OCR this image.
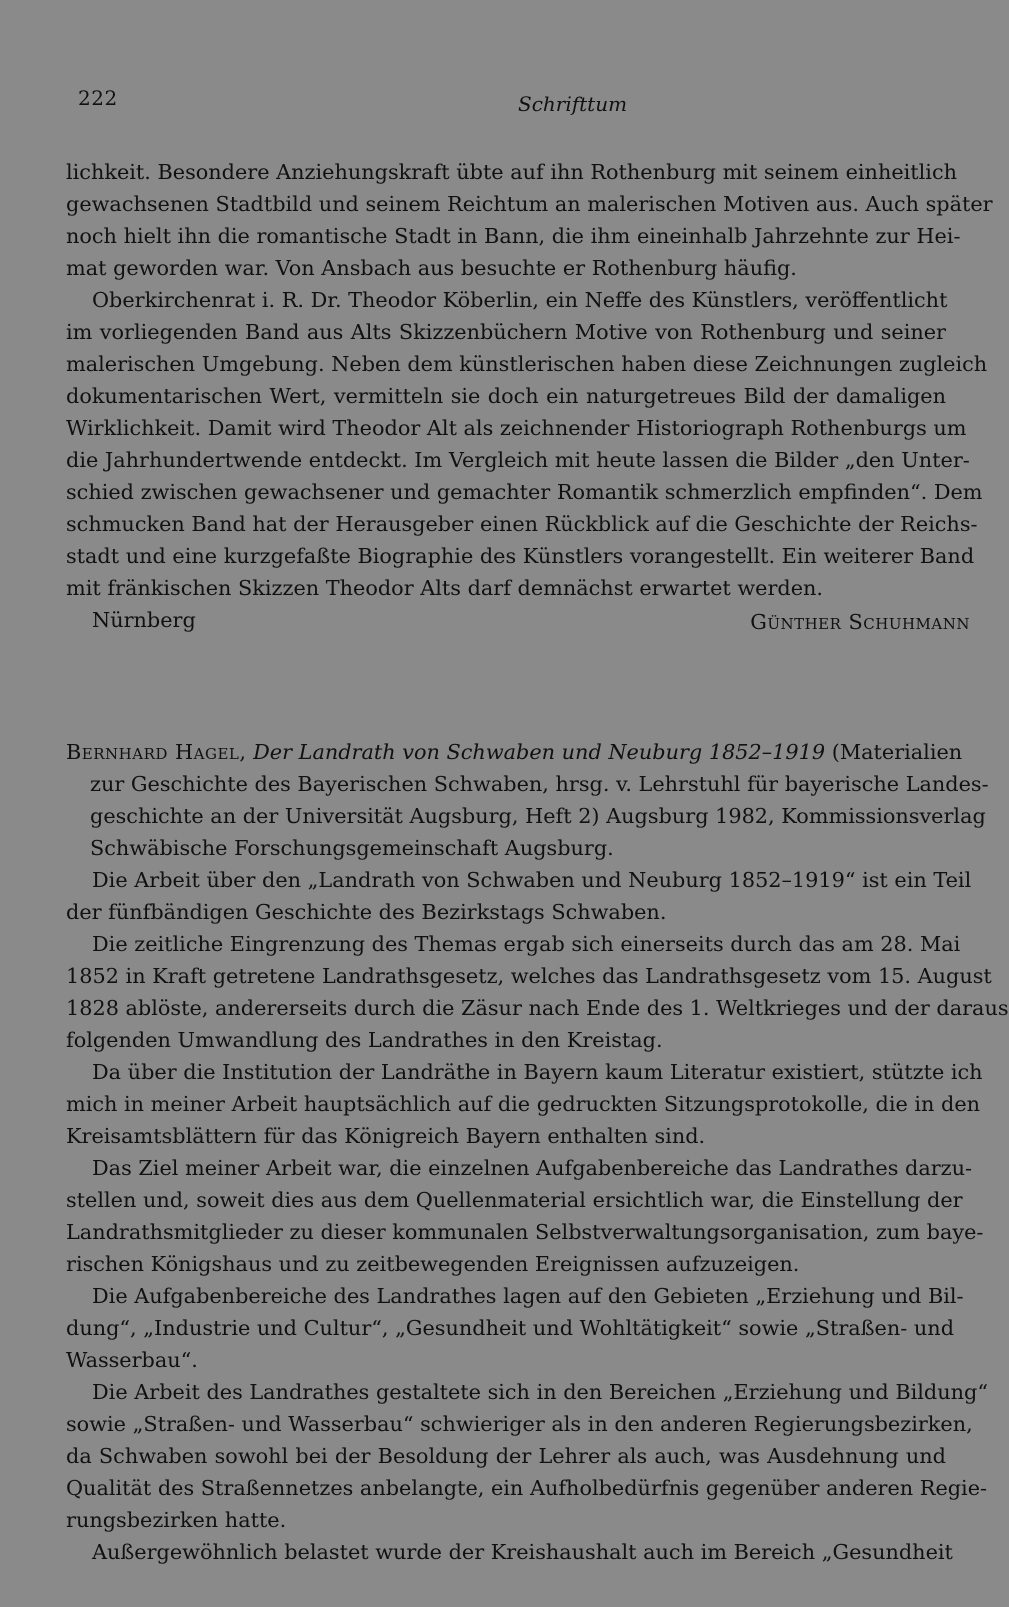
222	Schrifttum
lichkeit. Besondere Anziehungskraft übte auf ihn Rothenburg mit seinem einheitlich
gewachsenen Stadtbild und seinem Reichtum an malerischen Motiven aus. Auch später
noch hielt ihn die romantische Stadt in Bann, die ihm eineinhalb Jahrzehnte zur Hei-
mat geworden war. Von Ansbach aus besuchte er Rothenburg häufig.
Oberkirchenrat i. R. Dr. Theodor Köberlin, ein Neffe des Künstlers, veröffentlicht
im vorliegenden Band aus Alts Skizzenbüchern Motive von Rothenburg und seiner
malerischen Umgebung. Neben dem künstlerischen haben diese Zeichnungen zugleich
dokumentarischen Wert, vermitteln sie doch ein naturgetreues Bild der damaligen
Wirklichkeit. Damit wird Theodor Alt als zeichnender Historiograph Rothenburgs um
die Jahrhundertwende entdeckt. Im Vergleich mit heute lassen die Bilder „den Unter-
schied zwischen gewachsener und gemachter Romantik schmerzlich empfinden“. Dem
schmucken Band hat der Herausgeber einen Rückblick auf die Geschichte der Reichs-
stadt und eine kurzgefaßte Biographie des Künstlers vorangestellt. Ein weiterer Band
mit fränkischen Skizzen Theodor Alts darf demnächst erwartet werden.
Nürnberg	Günther Schuhmann
Bernhard Hagel, Der Landrath von Schwaben und Neuburg 1852–1919 (Materialien
zur Geschichte des Bayerischen Schwaben, hrsg. v. Lehrstuhl für bayerische Landes-
geschichte an der Universität Augsburg, Heft 2) Augsburg 1982, Kommissionsverlag
Schwäbische Forschungsgemeinschaft Augsburg.
Die Arbeit über den „Landrath von Schwaben und Neuburg 1852–1919“ ist ein Teil
der fünfbändigen Geschichte des Bezirkstags Schwaben.
Die zeitliche Eingrenzung des Themas ergab sich einerseits durch das am 28. Mai
1852 in Kraft getretene Landrathsgesetz, welches das Landrathsgesetz vom 15. August
1828 ablöste, andererseits durch die Zäsur nach Ende des 1. Weltkrieges und der daraus
folgenden Umwandlung des Landrathes in den Kreistag.
Da über die Institution der Landräthe in Bayern kaum Literatur existiert, stützte ich
mich in meiner Arbeit hauptsächlich auf die gedruckten Sitzungsprotokolle, die in den
Kreisamtsblättern für das Königreich Bayern enthalten sind.
Das Ziel meiner Arbeit war, die einzelnen Aufgabenbereiche das Landrathes darzu-
stellen und, soweit dies aus dem Quellenmaterial ersichtlich war, die Einstellung der
Landrathsmitglieder zu dieser kommunalen Selbstverwaltungsorganisation, zum baye-
rischen Königshaus und zu zeitbewegenden Ereignissen aufzuzeigen.
Die Aufgabenbereiche des Landrathes lagen auf den Gebieten „Erziehung und Bil-
dung“, „Industrie und Cultur“, „Gesundheit und Wohltätigkeit“ sowie „Straßen- und
Wasserbau“.
Die Arbeit des Landrathes gestaltete sich in den Bereichen „Erziehung und Bildung“
sowie „Straßen- und Wasserbau“ schwieriger als in den anderen Regierungsbezirken,
da Schwaben sowohl bei der Besoldung der Lehrer als auch, was Ausdehnung und
Qualität des Straßennetzes anbelangte, ein Aufholbedürfnis gegenüber anderen Regie-
rungsbezirken hatte.
Außergewöhnlich belastet wurde der Kreishaushalt auch im Bereich „Gesundheit
